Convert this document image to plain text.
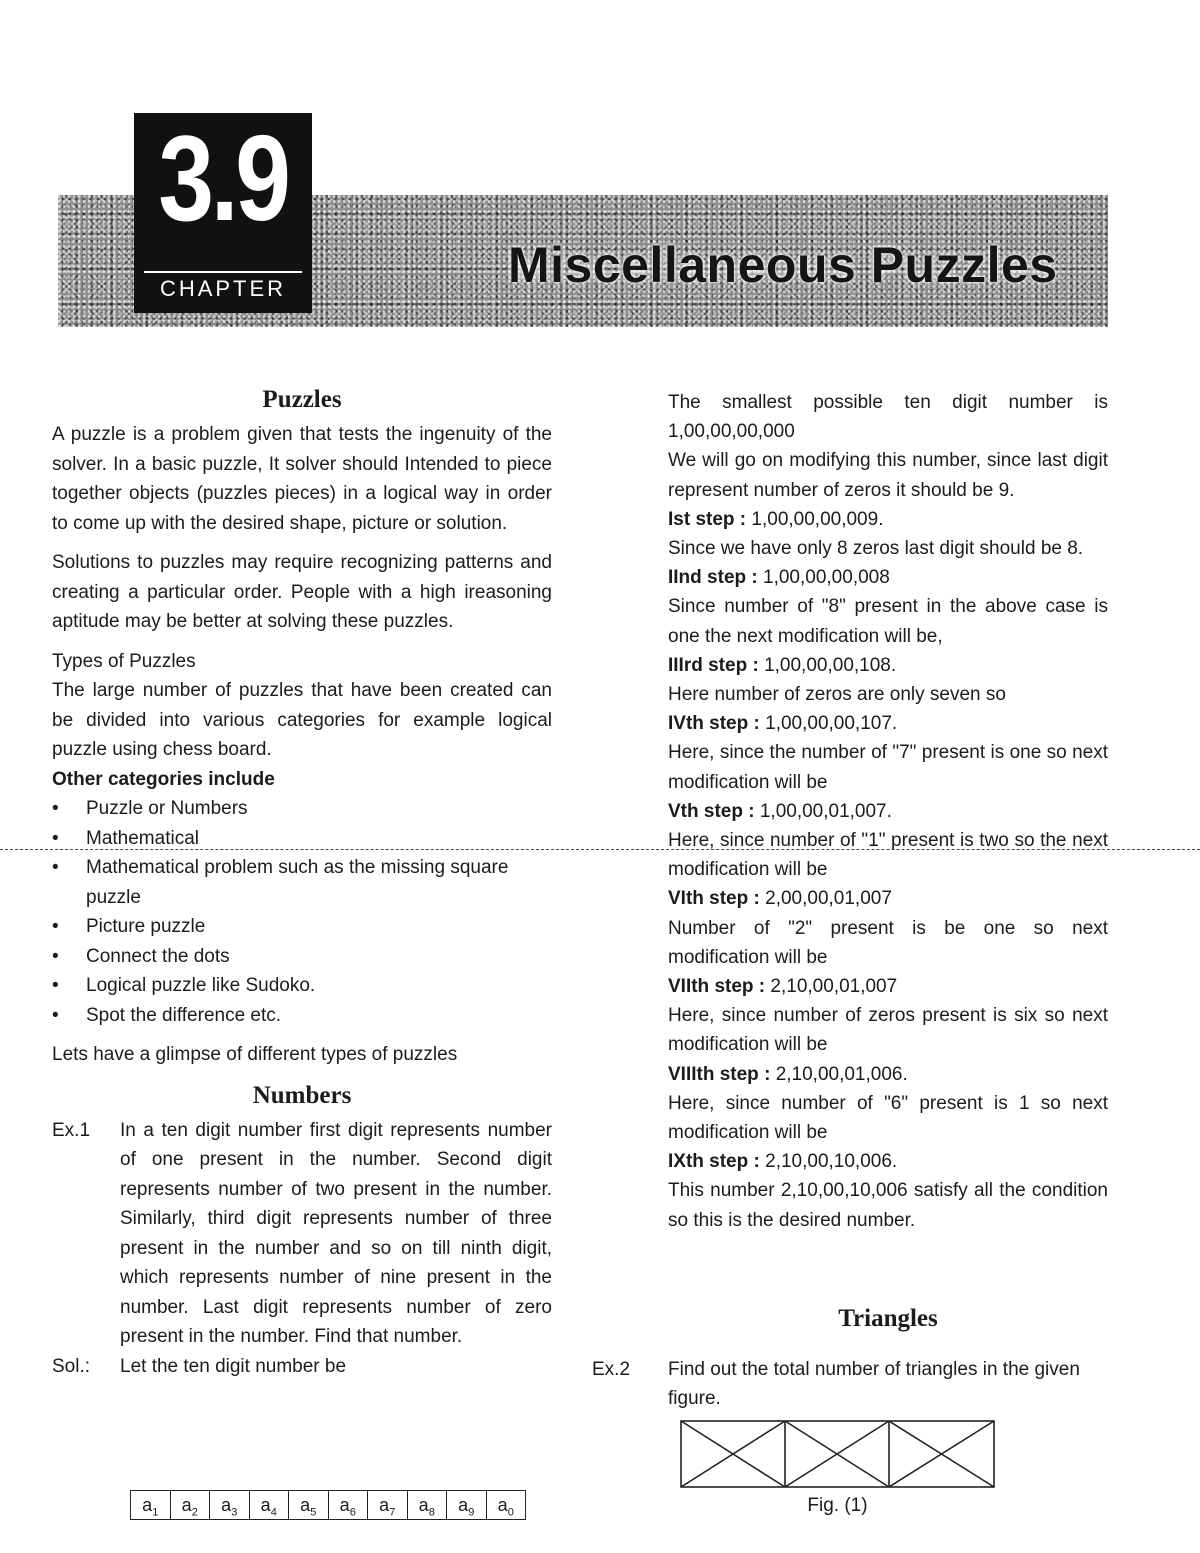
3.9
CHAPTER	Miscellaneous Puzzles
Puzzles

A puzzle is a problem given that tests the ingenuity of the solver. In a basic puzzle, It solver should Intended to piece together objects (puzzles pieces) in a logical way in order to come up with the desired shape, picture or solution.

Solutions to puzzles may require recognizing patterns and creating a particular order. People with a high ireasoning aptitude may be better at solving these puzzles.

Types of Puzzles

The large number of puzzles that have been created can be divided into various categories for example logical puzzle using chess board.

Other categories include

• Puzzle or Numbers
• Mathematical
• Mathematical problem such as the missing square puzzle
• Picture puzzle
• Connect the dots
• Logical puzzle like Sudoko.
• Spot the difference etc.

Lets have a glimpse of different types of puzzles

Numbers
Ex.1	In a ten digit number first digit represents number of one present in the number. Second digit represents number of two present in the number. Similarly, third digit represents number of three present in the number and so on till ninth digit, which represents number of nine present in the number. Last digit represents number of zero present in the number. Find that number.
Sol.:	Let the ten digit number be
$a_1$	$a_2$	$a_3$	$a_4$	$a_5$	$a_6$	$a_7$	$a_8$	$a_9$	$a_0$

The smallest possible ten digit number is 1,00,00,00,000

We will go on modifying this number, since last digit represent number of zeros it should be 9.

Ist step : 1,00,00,00,009.

Since we have only 8 zeros last digit should be 8.

IInd step : 1,00,00,00,008

Since number of "8" present in the above case is one the next modification will be,

IIIrd step : 1,00,00,00,108.

Here number of zeros are only seven so

IVth step : 1,00,00,00,107.

Here, since the number of "7" present is one so next modification will be

Vth step : 1,00,00,01,007.

Here, since number of "1" present is two so the next modification will be

VIth step : 2,00,00,01,007

Number of "2" present is be one so next modification will be

VIIth step : 2,10,00,01,007

Here, since number of zeros present is six so next modification will be

VIIIth step : 2,10,00,01,006.

Here, since number of "6" present is 1 so next modification will be

IXth step : 2,10,00,10,006.

This number 2,10,00,10,006 satisfy all the condition so this is the desired number.

Triangles
Ex.2	Find out the total number of triangles in the given figure.
Fig. (1)
